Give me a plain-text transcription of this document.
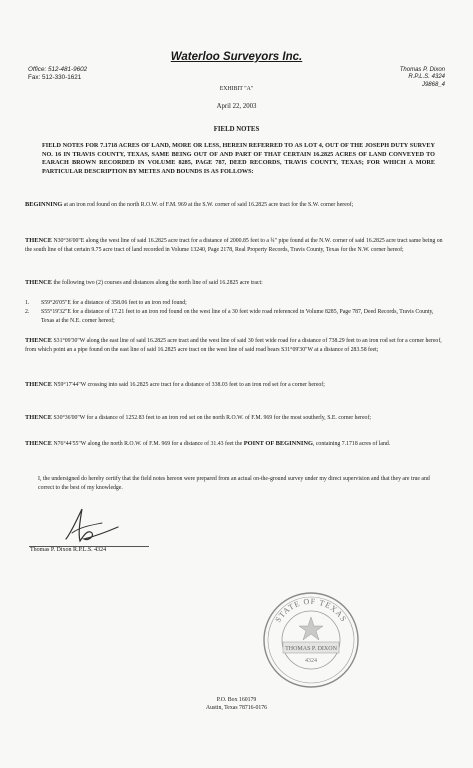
Waterloo Surveyors Inc.
Office: 512-481-9602
Fax: 512-330-1621
Thomas P. Dixon
R.P.L.S. 4324
J9868_4
EXHIBIT "A"
April 22, 2003
FIELD NOTES
FIELD NOTES FOR 7.1718 ACRES OF LAND, MORE OR LESS, HEREIN REFERRED TO AS LOT 4, OUT OF THE JOSEPH DUTY SURVEY NO. 16 IN TRAVIS COUNTY, TEXAS, SAME BEING OUT OF AND PART OF THAT CERTAIN 16.2825 ACRES OF LAND CONVEYED TO EARACH BROWN RECORDED IN VOLUME 8285, PAGE 787, DEED RECORDS, TRAVIS COUNTY, TEXAS; FOR WHICH A MORE PARTICULAR DESCRIPTION BY METES AND BOUNDS IS AS FOLLOWS:
BEGINNING at an iron rod found on the north R.O.W. of F.M. 969 at the S.W. corner of said 16.2825 acre tract for the S.W. corner hereof;
THENCE N30°36'00"E along the west line of said 16.2825 acre tract for a distance of 2000.85 feet to a ¾" pipe found at the N.W. corner of said 16.2825 acre tract same being on the south line of that certain 9.75 acre tract of land recorded in Volume 13240, Page 2178, Real Property Records, Travis County, Texas for the N.W. corner hereof;
THENCE the following two (2) courses and distances along the north line of said 16.2825 acre tract:
1. S59°26'05"E for a distance of 358.06 feet to an iron rod found;
2. S55°19'32"E for a distance of 17.21 feet to an iron rod found on the west line of a 30 feet wide road referenced in Volume 8285, Page 787, Deed Records, Travis County, Texas at the N.E. corner hereof;
THENCE S31°09'30"W along the east line of said 16.2825 acre tract and the west line of said 30 feet wide road for a distance of 738.29 feet to an iron rod set for a corner hereof, from which point an a pipe found on the east line of said 16.2825 acre tract on the west line of said road bears S31°09'30"W at a distance of 283.58 feet;
THENCE N59°17'44"W crossing into said 16.2825 acre tract for a distance of 338.03 feet to an iron rod set for a corner hereof;
THENCE S30°36'00"W for a distance of 1252.83 feet to an iron rod set on the north R.O.W. of F.M. 969 for the most southerly, S.E. corner hereof;
THENCE N76°44'55"W along the north R.O.W. of F.M. 969 for a distance of 31.43 feet the POINT OF BEGINNING, containing 7.1718 acres of land.
I, the undersigned do hereby certify that the field notes hereon were prepared from an actual on-the-ground survey under my direct supervision and that they are true and correct to the best of my knowledge.
Thomas P. Dixon R.P.L.S. 4324
STATE OF TEXAS
THOMAS P. DIXON
4324
P.O. Box 160179
Austin, Texas 78716-0176
